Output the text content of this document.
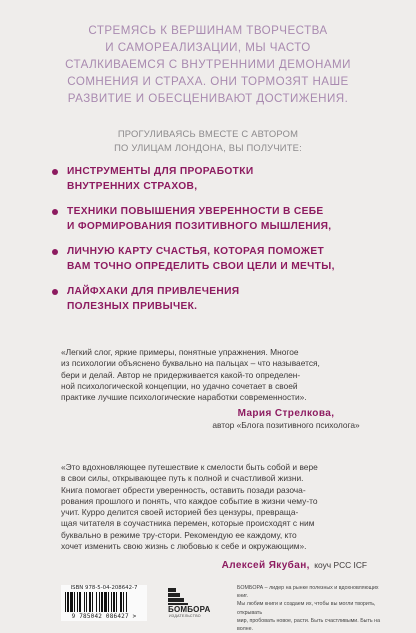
СТРЕМЯСЬ К ВЕРШИНАМ ТВОРЧЕСТВА
И САМОРЕАЛИЗАЦИИ, МЫ ЧАСТО
СТАЛКИВАЕМСЯ С ВНУТРЕННИМИ ДЕМОНАМИ
СОМНЕНИЯ И СТРАХА. ОНИ ТОРМОЗЯТ НАШЕ
РАЗВИТИЕ И ОБЕСЦЕНИВАЮТ ДОСТИЖЕНИЯ.
ПРОГУЛИВАЯСЬ ВМЕСТЕ С АВТОРОМ
ПО УЛИЦАМ ЛОНДОНА, ВЫ ПОЛУЧИТЕ:
ИНСТРУМЕНТЫ ДЛЯ ПРОРАБОТКИ
ВНУТРЕННИХ СТРАХОВ,
ТЕХНИКИ ПОВЫШЕНИЯ УВЕРЕННОСТИ В СЕБЕ
И ФОРМИРОВАНИЯ ПОЗИТИВНОГО МЫШЛЕНИЯ,
ЛИЧНУЮ КАРТУ СЧАСТЬЯ, КОТОРАЯ ПОМОЖЕТ
ВАМ ТОЧНО ОПРЕДЕЛИТЬ СВОИ ЦЕЛИ И МЕЧТЫ,
ЛАЙФХАКИ ДЛЯ ПРИВЛЕЧЕНИЯ
ПОЛЕЗНЫХ ПРИВЫЧЕК.

«Легкий слог, яркие примеры, понятные упражнения. Многое

из психологии объяснено буквально на пальцах – что называется,

бери и делай. Автор не придерживается какой-то определен-

ной психологической концепции, но удачно сочетает в своей

практике лучшие психологические наработки современности».

Мария Стрелкова,
автор «Блога позитивного психолога»

«Это вдохновляющее путешествие к смелости быть собой и вере

в свои силы, открывающее путь к полной и счастливой жизни.

Книга помогает обрести уверенность, оставить позади разоча-

рования прошлого и понять, что каждое событие в жизни чему-то

учит. Курро делится своей историей без цензуры, превраща-

щая читателя в соучастника перемен, которые происходят с ним

буквально в режиме тру-стори. Рекомендую ее каждому, кто

хочет изменить свою жизнь с любовью к себе и окружающим».

Алексей Якубан, коуч PCC ICF
ISBN 978-5-04-208642-7
9 785042 086427 >
БОМБОРА
ИЗДАТЕЛЬСТВО
БОМБОРА – лидер на рынке полезных и вдохновляющих книг.
Мы любим книги и создаем их, чтобы вы могли творить, открывать
мир, пробовать новое, расти. Быть счастливыми. Быть на волне.
